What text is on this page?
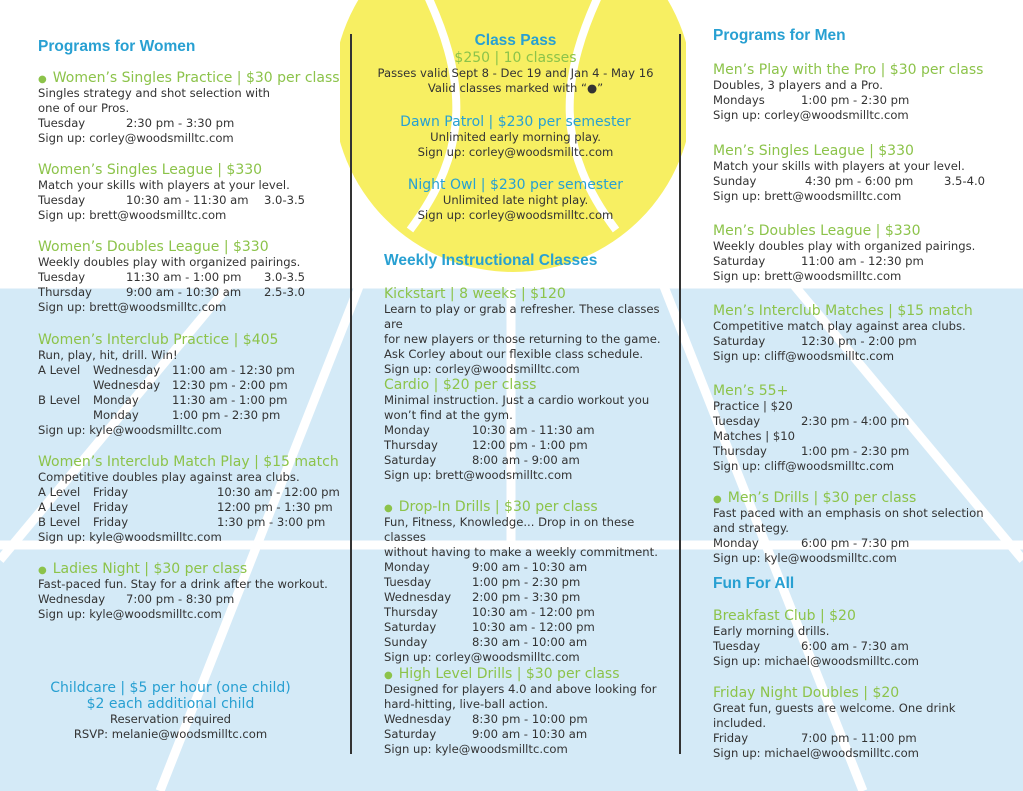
Programs for Women
● Women’s Singles Practice | $30 per class
Singles strategy and shot selection with
one of our Pros.
Tuesday	2:30 pm - 3:30 pm
Sign up: corley@woodsmilltc.com
Women’s Singles League | $330
Match your skills with players at your level.
Tuesday	10:30 am - 11:30 am	3.0-3.5
Sign up: brett@woodsmilltc.com
Women’s Doubles League | $330
Weekly doubles play with organized pairings.
Tuesday	11:30 am - 1:00 pm	3.0-3.5
Thursday	9:00 am - 10:30 am	2.5-3.0
Sign up: brett@woodsmilltc.com
Women’s Interclub Practice | $405
Run, play, hit, drill. Win!
A Level	Wednesday	11:00 am - 12:30 pm
Wednesday	12:30 pm - 2:00 pm
B Level	Monday	11:30 am - 1:00 pm
Monday	1:00 pm - 2:30 pm
Sign up: kyle@woodsmilltc.com
Women’s Interclub Match Play | $15 match
Competitive doubles play against area clubs.
A Level	Friday	10:30 am - 12:00 pm
A Level	Friday	12:00 pm - 1:30 pm
B Level	Friday	1:30 pm - 3:00 pm
Sign up: kyle@woodsmilltc.com
● Ladies Night | $30 per class
Fast-paced fun. Stay for a drink after the workout.
Wednesday	7:00 pm - 8:30 pm
Sign up: kyle@woodsmilltc.com
Childcare | $5 per hour (one child)
$2 each additional child
Reservation required
RSVP: melanie@woodsmilltc.com
Class Pass
$250 | 10 classes
Passes valid Sept 8 - Dec 19 and Jan 4 - May 16
Valid classes marked with “●”
Dawn Patrol | $230 per semester
Unlimited early morning play.
Sign up: corley@woodsmilltc.com
Night Owl | $230 per semester
Unlimited late night play.
Sign up: corley@woodsmilltc.com
Weekly Instructional Classes
Kickstart | 8 weeks | $120
Learn to play or grab a refresher. These classes are
for new players or those returning to the game.
Ask Corley about our flexible class schedule.
Sign up: corley@woodsmilltc.com
Cardio | $20 per class
Minimal instruction. Just a cardio workout you
won’t find at the gym.
Monday	10:30 am - 11:30 am
Thursday	12:00 pm - 1:00 pm
Saturday	8:00 am - 9:00 am
Sign up: brett@woodsmilltc.com
● Drop-In Drills | $30 per class
Fun, Fitness, Knowledge... Drop in on these classes
without having to make a weekly commitment.
Monday	9:00 am - 10:30 am
Tuesday	1:00 pm - 2:30 pm
Wednesday	2:00 pm - 3:30 pm
Thursday	10:30 am - 12:00 pm
Saturday	10:30 am - 12:00 pm
Sunday	8:30 am - 10:00 am
Sign up: corley@woodsmilltc.com
● High Level Drills | $30 per class
Designed for players 4.0 and above looking for
hard-hitting, live-ball action.
Wednesday	8:30 pm - 10:00 pm
Saturday	9:00 am - 10:30 am
Sign up: kyle@woodsmilltc.com
Programs for Men
Men’s Play with the Pro | $30 per class
Doubles, 3 players and a Pro.
Mondays	1:00 pm - 2:30 pm
Sign up: corley@woodsmilltc.com
Men’s Singles League | $330
Match your skills with players at your level.
Sunday	4:30 pm - 6:00 pm	3.5-4.0
Sign up: brett@woodsmilltc.com
Men’s Doubles League | $330
Weekly doubles play with organized pairings.
Saturday	11:00 am - 12:30 pm
Sign up: brett@woodsmilltc.com
Men’s Interclub Matches | $15 match
Competitive match play against area clubs.
Saturday	12:30 pm - 2:00 pm
Sign up: cliff@woodsmilltc.com
Men’s 55+
Practice | $20
Tuesday	2:30 pm - 4:00 pm
Matches | $10
Thursday	1:00 pm - 2:30 pm
Sign up: cliff@woodsmilltc.com
● Men’s Drills | $30 per class
Fast paced with an emphasis on shot selection
and strategy.
Monday	6:00 pm - 7:30 pm
Sign up: kyle@woodsmilltc.com
Fun For All
Breakfast Club | $20
Early morning drills.
Tuesday	6:00 am - 7:30 am
Sign up: michael@woodsmilltc.com
Friday Night Doubles | $20
Great fun, guests are welcome. One drink
included.
Friday	7:00 pm - 11:00 pm
Sign up: michael@woodsmilltc.com
